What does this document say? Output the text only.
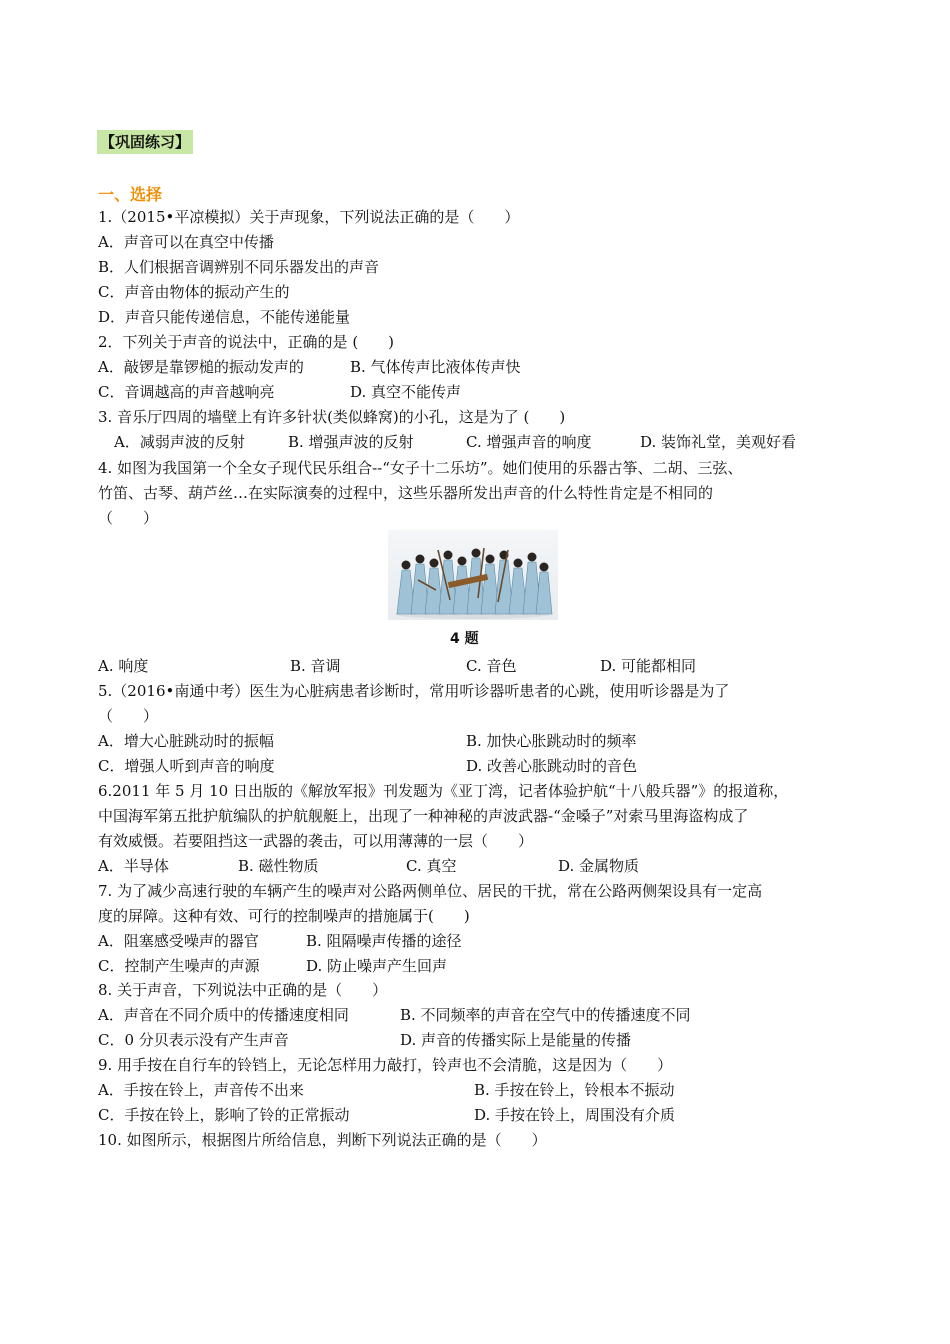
【巩固练习】
一、选择
1.（2015•平凉模拟）关于声现象，下列说法正确的是（　　）
A．声音可以在真空中传播
B．人们根据音调辨别不同乐器发出的声音
C．声音由物体的振动产生的
D．声音只能传递信息，不能传递能量
2．下列关于声音的说法中，正确的是 (　　)
A．敲锣是靠锣槌的振动发声的	B. 气体传声比液体传声快
C．音调越高的声音越响亮	D. 真空不能传声
3. 音乐厅四周的墙壁上有许多针状(类似蜂窝)的小孔，这是为了 (　　)
A．减弱声波的反射	B. 增强声波的反射	C. 增强声音的响度	D. 装饰礼堂，美观好看
4. 如图为我国第一个全女子现代民乐组合--“女子十二乐坊”。她们使用的乐器古筝、二胡、三弦、
竹笛、古琴、葫芦丝…在实际演奏的过程中，这些乐器所发出声音的什么特性肯定是不相同的
（　　）
4 题
A. 响度	B. 音调	C. 音色	D. 可能都相同
5.（2016•南通中考）医生为心脏病患者诊断时，常用听诊器听患者的心跳，使用听诊器是为了
（　　）
A．增大心脏跳动时的振幅	B. 加快心胀跳动时的频率
C．增强人听到声音的响度	D. 改善心胀跳动时的音色
6.2011 年 5 月 10 日出版的《解放军报》刊发题为《亚丁湾，记者体验护航“十八般兵器”》的报道称，
中国海军第五批护航编队的护航舰艇上，出现了一种神秘的声波武器-“金嗓子”对索马里海盗构成了
有效威慑。若要阻挡这一武器的袭击，可以用薄薄的一层（　　）
A．半导体	B. 磁性物质	C. 真空	D. 金属物质
7. 为了减少高速行驶的车辆产生的噪声对公路两侧单位、居民的干扰，常在公路两侧架设具有一定高
度的屏障。这种有效、可行的控制噪声的措施属于(　　)
A．阻塞感受噪声的器官	B. 阻隔噪声传播的途径
C．控制产生噪声的声源	D. 防止噪声产生回声
8. 关于声音，下列说法中正确的是（　　）
A．声音在不同介质中的传播速度相同	B. 不同频率的声音在空气中的传播速度不同
C．0 分贝表示没有产生声音	D. 声音的传播实际上是能量的传播
9. 用手按在自行车的铃铛上，无论怎样用力敲打，铃声也不会清脆，这是因为（　　）
A．手按在铃上，声音传不出来	B. 手按在铃上，铃根本不振动
C．手按在铃上，影响了铃的正常振动	D. 手按在铃上，周围没有介质
10. 如图所示，根据图片所给信息，判断下列说法正确的是（　　）
